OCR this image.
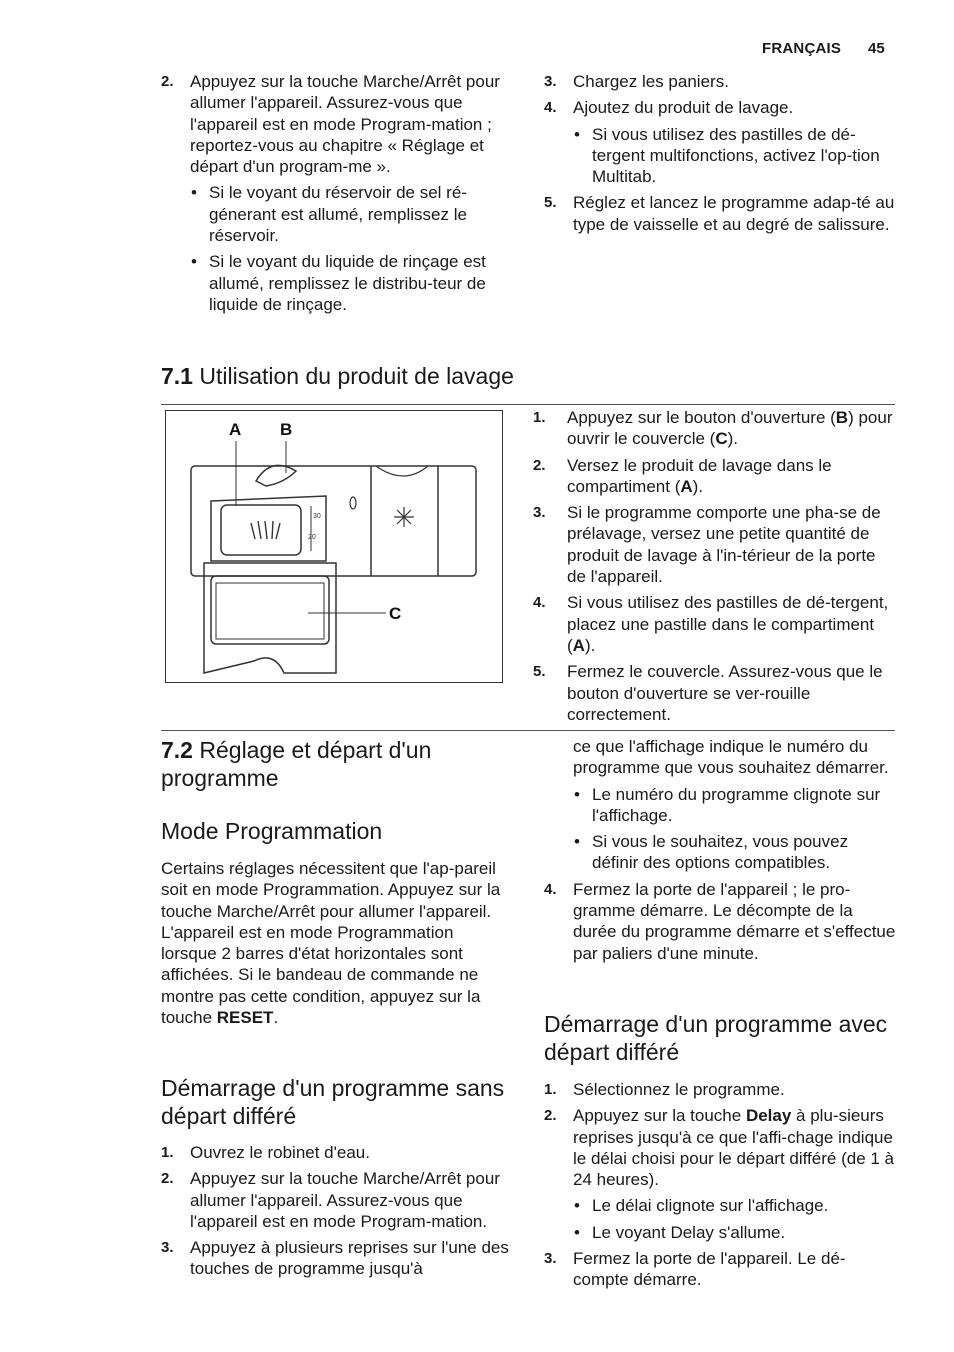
FRANÇAIS 45
2. Appuyez sur la touche Marche/Arrêt pour allumer l'appareil. Assurez-vous que l'appareil est en mode Program-mation ; reportez-vous au chapitre « Réglage et départ d'un program-me ».

• Si le voyant du réservoir de sel ré-génerant est allumé, remplissez le réservoir.

• Si le voyant du liquide de rinçage est allumé, remplissez le distribu-teur de liquide de rinçage.

3. Chargez les paniers.

4. Ajoutez du produit de lavage.

• Si vous utilisez des pastilles de dé-tergent multifonctions, activez l'op-tion Multitab.

5. Réglez et lancez le programme adap-té au type de vaisselle et au degré de salissure.

7.1 Utilisation du produit de lavage
30
20
A B
C
1. Appuyez sur le bouton d'ouverture (B) pour ouvrir le couvercle (C).

2. Versez le produit de lavage dans le compartiment (A).

3. Si le programme comporte une pha-se de prélavage, versez une petite quantité de produit de lavage à l'in-térieur de la porte de l'appareil.

4. Si vous utilisez des pastilles de dé-tergent, placez une pastille dans le compartiment (A).

5. Fermez le couvercle. Assurez-vous que le bouton d'ouverture se ver-rouille correctement.

7.2 Réglage et départ d'un programme
Mode Programmation

Certains réglages nécessitent que l'ap-pareil soit en mode Programmation. Appuyez sur la touche Marche/Arrêt pour allumer l'appareil. L'appareil est en mode Programmation lorsque 2 barres d'état horizontales sont affichées. Si le bandeau de commande ne montre pas cette condition, appuyez sur la touche RESET.

Démarrage d'un programme sans départ différé
1. Ouvrez le robinet d'eau.

2. Appuyez sur la touche Marche/Arrêt pour allumer l'appareil. Assurez-vous que l'appareil est en mode Program-mation.

3. Appuyez à plusieurs reprises sur l'une des touches de programme jusqu'à

ce que l'affichage indique le numéro du programme que vous souhaitez démarrer.

• Le numéro du programme clignote sur l'affichage.

• Si vous le souhaitez, vous pouvez définir des options compatibles.

4. Fermez la porte de l'appareil ; le pro-gramme démarre. Le décompte de la durée du programme démarre et s'effectue par paliers d'une minute.

Démarrage d'un programme avec départ différé
1. Sélectionnez le programme.

2. Appuyez sur la touche Delay à plu-sieurs reprises jusqu'à ce que l'affi-chage indique le délai choisi pour le départ différé (de 1 à 24 heures).

• Le délai clignote sur l'affichage.

• Le voyant Delay s'allume.

3. Fermez la porte de l'appareil. Le dé-compte démarre.
